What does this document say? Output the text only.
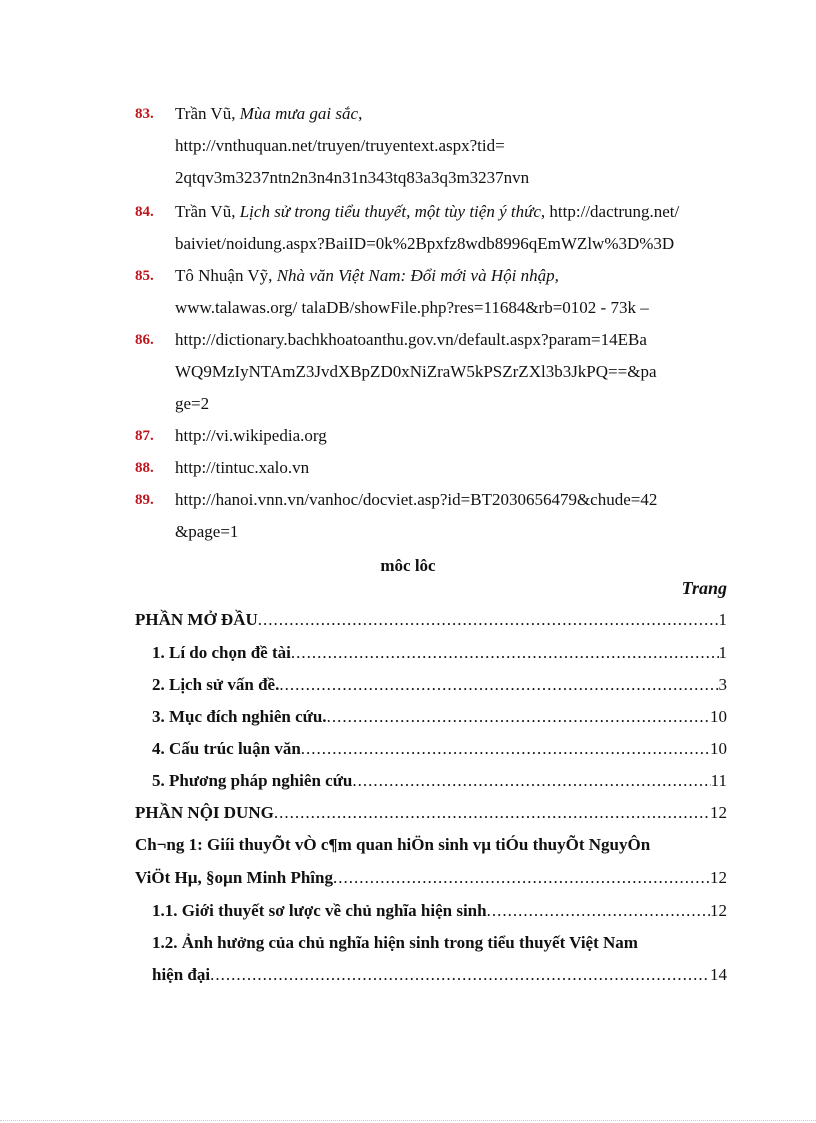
83.	Trần Vũ, Mùa mưa gai sắc,
http://vnthuquan.net/truyen/truyentext.aspx?tid=
2qtqv3m3237ntn2n3n4n31n343tq83a3q3m3237nvn
84.	Trần Vũ, Lịch sử trong tiểu thuyết, một tùy tiện ý thức, http://dactrung.net/
baiviet/noidung.aspx?BaiID=0k%2Bpxfz8wdb8996qEmWZlw%3D%3D
85.	Tô Nhuận Vỹ, Nhà văn Việt Nam: Đổi mới và Hội nhập,
www.talawas.org/ talaDB/showFile.php?res=11684&rb=0102 - 73k –
86.	http://dictionary.bachkhoatoanthu.gov.vn/default.aspx?param=14EBa
WQ9MzIyNTAmZ3JvdXBpZD0xNiZraW5kPSZrZXl3b3JkPQ==&pa
ge=2
87.	http://vi.wikipedia.org
88.	http://tintuc.xalo.vn
89.	http://hanoi.vnn.vn/vanhoc/docviet.asp?id=BT2030656479&chude=42
&page=1
môc lôc
Trang
PHẦN MỞ ĐẦU .....	1
1. Lí do chọn đề tài .....	1
2. Lịch sử vấn đề. .....	3
3. Mục đích nghiên cứu. .....	10
4. Cấu trúc luận văn .....	10
5. Phương pháp nghiên cứu .....	11
PHẦN NỘI DUNG .....	12
Ch¬ng 1: Giíi thuyÕt vÒ c¶m quan hiÖn sinh vµ tiÓu thuyÕt NguyÔn
ViÖt Hµ, §oµn Minh Phîng .....	12
1.1. Giới thuyết sơ lược về chủ nghĩa hiện sinh .....	12
1.2. Ảnh hưởng của chủ nghĩa hiện sinh trong tiểu thuyết Việt Nam
hiện đại .....	14
